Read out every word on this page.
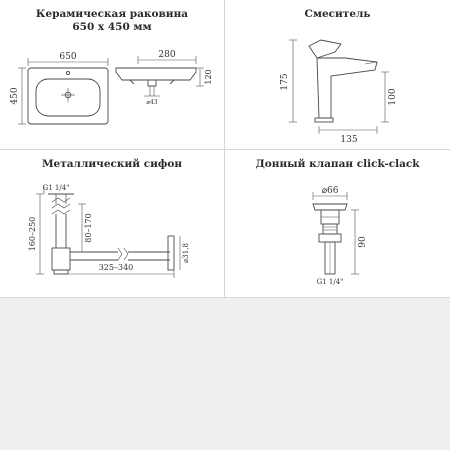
Керамическая раковина
650 х 450 мм
650
450
280
120
⌀43
Смеситель
175
100
135
Металлический сифон
G1 1/4"
80–170
160–250
325–340
⌀31,8
Донный клапан click-clack
⌀66
90
G1 1/4"
